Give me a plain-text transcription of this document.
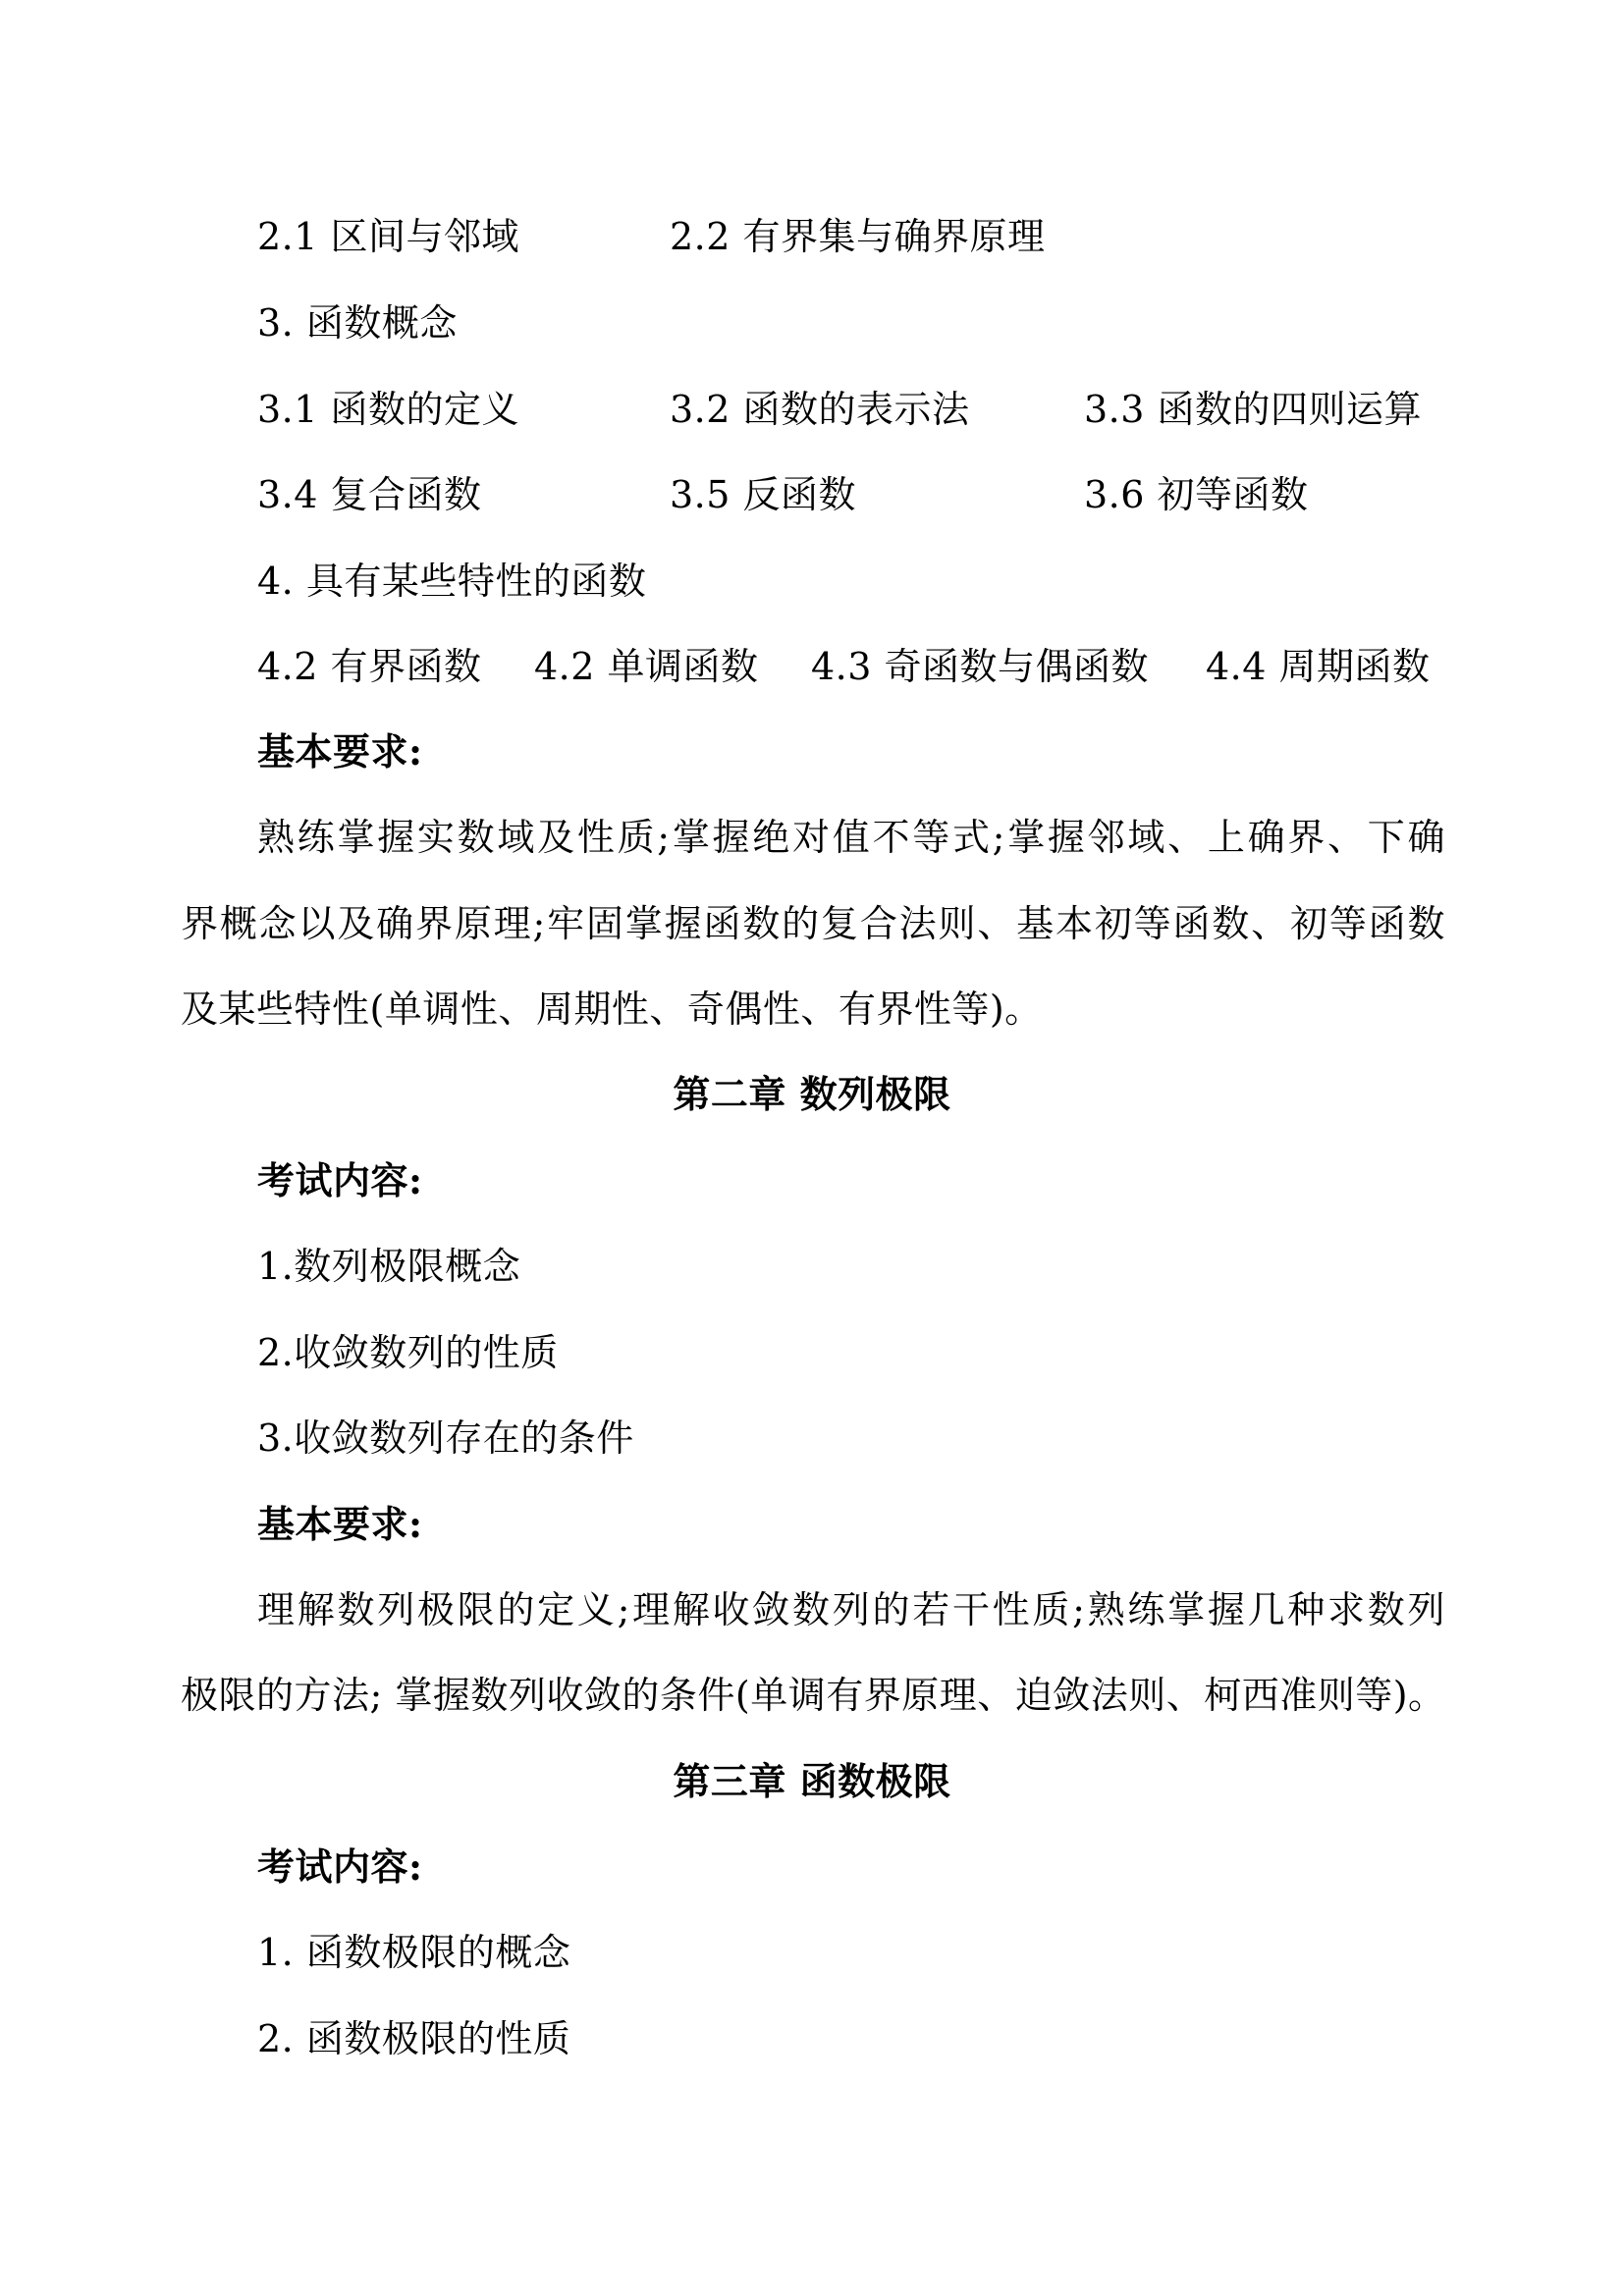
2.1 区间与邻域	2.2 有界集与确界原理
3. 函数概念
3.1 函数的定义	3.2 函数的表示法	3.3 函数的四则运算
3.4 复合函数	3.5 反函数	3.6 初等函数
4. 具有某些特性的函数
4.2 有界函数 4.2 单调函数 4.3 奇函数与偶函数 4.4 周期函数
基本要求:
熟练掌握实数域及性质;掌握绝对值不等式;掌握邻域、上确界、下确
界概念以及确界原理;牢固掌握函数的复合法则、基本初等函数、初等函数
及某些特性(单调性、周期性、奇偶性、有界性等)。
第二章 数列极限
考试内容:
1.数列极限概念
2.收敛数列的性质
3.收敛数列存在的条件
基本要求:
理解数列极限的定义;理解收敛数列的若干性质;熟练掌握几种求数列
极限的方法; 掌握数列收敛的条件(单调有界原理、迫敛法则、柯西准则等)。
第三章 函数极限
考试内容:
1. 函数极限的概念
2. 函数极限的性质
